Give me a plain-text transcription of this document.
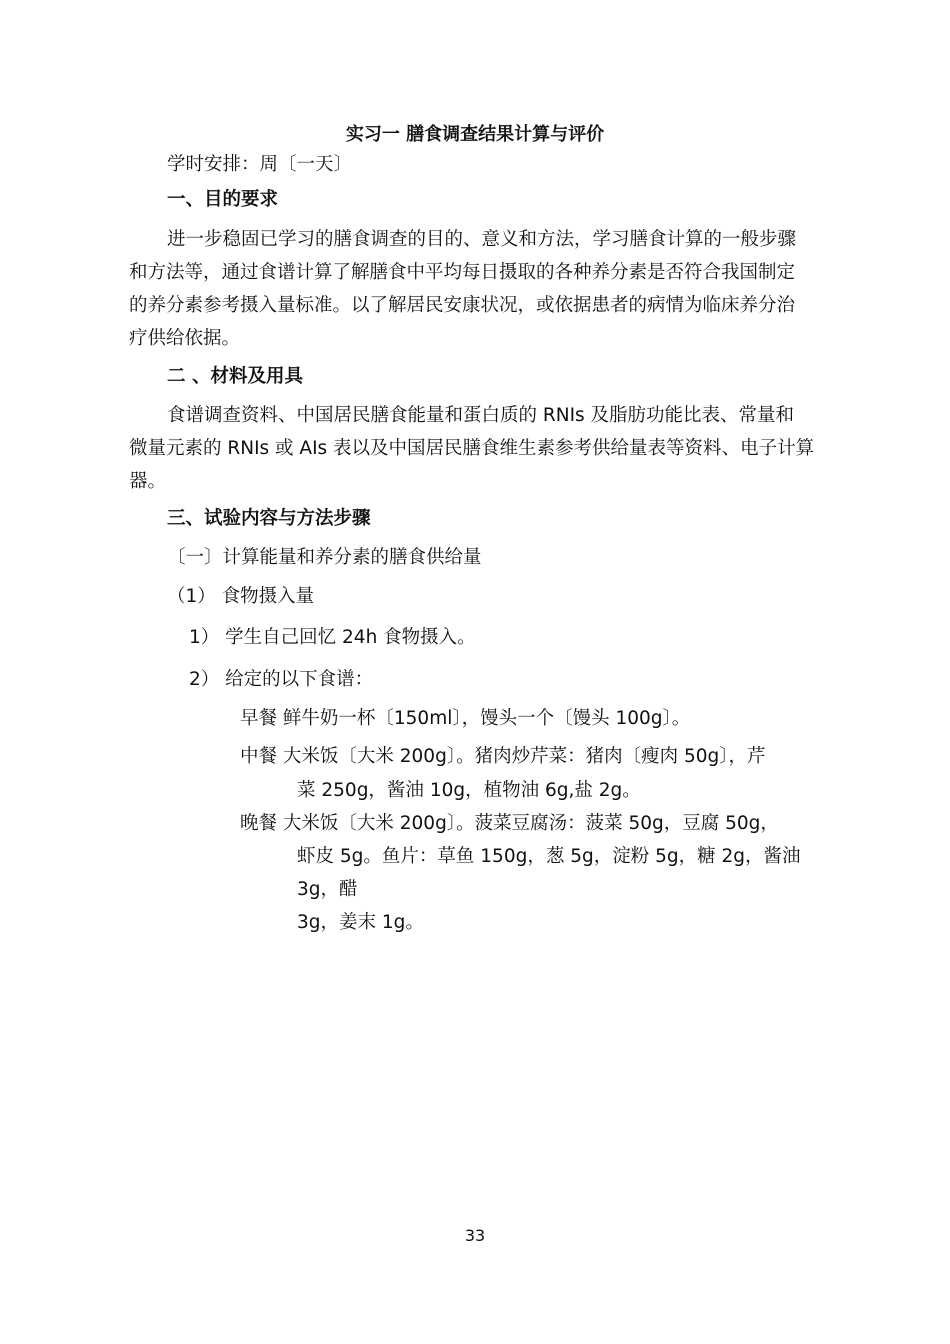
实习一 膳食调查结果计算与评价

学时安排：周〔一天〕

一、目的要求

进一步稳固已学习的膳食调查的目的、意义和方法，学习膳食计算的一般步骤

和方法等，通过食谱计算了解膳食中平均每日摄取的各种养分素是否符合我国制定

的养分素参考摄入量标准。以了解居民安康状况，或依据患者的病情为临床养分治

疗供给依据。

二 、材料及用具

食谱调查资料、中国居民膳食能量和蛋白质的 RNIs 及脂肪功能比表、常量和

微量元素的 RNIs 或 AIs 表以及中国居民膳食维生素参考供给量表等资料、电子计算

器。

三、试验内容与方法步骤

〔一〕计算能量和养分素的膳食供给量

（1） 食物摄入量

1） 学生自己回忆 24h 食物摄入。

2） 给定的以下食谱：

早餐 鲜牛奶一杯〔150ml〕，馒头一个〔馒头 100g〕。

中餐 大米饭〔大米 200g〕。猪肉炒芹菜：猪肉〔瘦肉 50g〕，芹

菜 250g，酱油 10g，植物油 6g,盐 2g。

晚餐 大米饭〔大米 200g〕。菠菜豆腐汤：菠菜 50g，豆腐 50g，

虾皮 5g。鱼片：草鱼 150g，葱 5g，淀粉 5g，糖 2g，酱油

3g，醋

3g，姜末 1g。

33
